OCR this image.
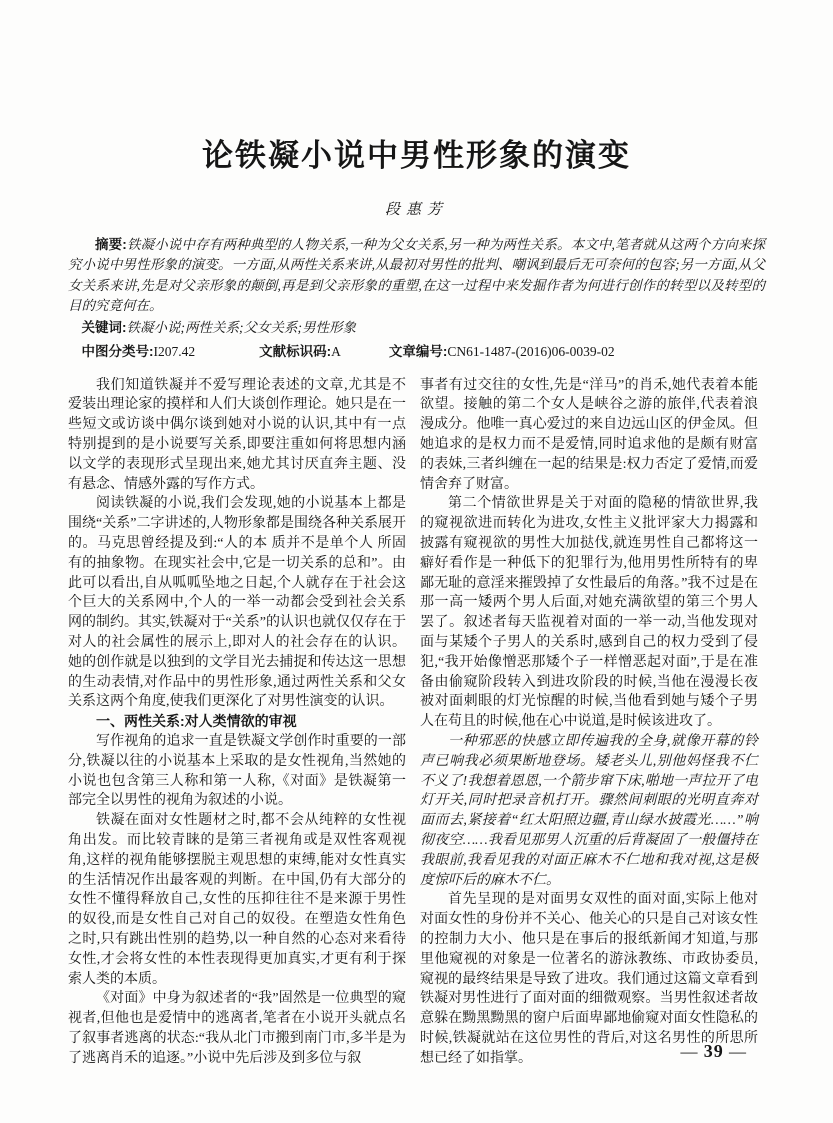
论铁凝小说中男性形象的演变
段惠芳

摘要:铁凝小说中存有两种典型的人物关系,一种为父女关系,另一种为两性关系。本文中,笔者就从这两个方向来探究小说中男性形象的演变。一方面,从两性关系来讲,从最初对男性的批判、嘲讽到最后无可奈何的包容;另一方面,从父女关系来讲,先是对父亲形象的颠倒,再是到父亲形象的重塑,在这一过程中来发掘作者为何进行创作的转型以及转型的目的究竟何在。

关键词:铁凝小说;两性关系;父女关系;男性形象

中图分类号:I207.42	文献标识码:A	文章编号:CN61-1487-(2016)06-0039-02

我们知道铁凝并不爱写理论表述的文章,尤其是不爱装出理论家的摸样和人们大谈创作理论。她只是在一些短文或访谈中偶尔谈到她对小说的认识,其中有一点特别提到的是小说要写关系,即要注重如何将思想内涵以文学的表现形式呈现出来,她尤其讨厌直奔主题、没有悬念、情感外露的写作方式。

阅读铁凝的小说,我们会发现,她的小说基本上都是围绕“关系”二字讲述的,人物形象都是围绕各种关系展开的。马克思曾经提及到:“人的本 质并不是单个人 所固有的抽象物。在现实社会中,它是一切关系的总和”。由此可以看出,自从呱呱坠地之日起,个人就存在于社会这个巨大的关系网中,个人的一举一动都会受到社会关系网的制约。其实,铁凝对于“关系”的认识也就仅仅存在于对人的社会属性的展示上,即对人的社会存在的认识。她的创作就是以独到的文学目光去捕捉和传达这一思想的生动表情,对作品中的男性形象,通过两性关系和父女关系这两个角度,使我们更深化了对男性演变的认识。

一、两性关系:对人类情欲的审视

写作视角的追求一直是铁凝文学创作时重要的一部分,铁凝以往的小说基本上采取的是女性视角,当然她的小说也包含第三人称和第一人称,《对面》是铁凝第一部完全以男性的视角为叙述的小说。

铁凝在面对女性题材之时,都不会从纯粹的女性视角出发。而比较青睐的是第三者视角或是双性客观视角,这样的视角能够摆脱主观思想的束缚,能对女性真实的生活情况作出最客观的判断。在中国,仍有大部分的女性不懂得释放自己,女性的压抑往往不是来源于男性的奴役,而是女性自己对自己的奴役。在塑造女性角色之时,只有跳出性别的趋势,以一种自然的心态对来看待女性,才会将女性的本性表现得更加真实,才更有利于探索人类的本质。

《对面》中身为叙述者的“我”固然是一位典型的窥视者,但他也是爱情中的逃离者,笔者在小说开头就点名了叙事者逃离的状态:“我从北门市搬到南门市,多半是为了逃离肖禾的追逐。”小说中先后涉及到多位与叙

事者有过交往的女性,先是“洋马”的肖禾,她代表着本能欲望。接触的第二个女人是峡谷之游的旅伴,代表着浪漫成分。他唯一真心爱过的来自边远山区的伊金凤。但她追求的是权力而不是爱情,同时追求他的是颇有财富的表妹,三者纠缠在一起的结果是:权力否定了爱情,而爱情舍弃了财富。

第二个情欲世界是关于对面的隐秘的情欲世界,我的窥视欲进而转化为进攻,女性主义批评家大力揭露和披露有窥视欲的男性大加挞伐,就连男性自己都将这一癖好看作是一种低下的犯罪行为,他用男性所特有的卑鄙无耻的意淫来摧毁掉了女性最后的角落。”我不过是在那一高一矮两个男人后面,对她充满欲望的第三个男人罢了。叙述者每天监视着对面的一举一动,当他发现对面与某矮个子男人的关系时,感到自己的权力受到了侵犯,“我开始像憎恶那矮个子一样憎恶起对面”,于是在准备由偷窥阶段转入到进攻阶段的时候,当他在漫漫长夜被对面刺眼的灯光惊醒的时候,当他看到她与矮个子男人在苟且的时候,他在心中说道,是时候该进攻了。

一种邪恶的快感立即传遍我的全身,就像开幕的铃声已响我必须果断地登场。矮老头儿,别他妈怪我不仁不义了!我想着恩恩,一个箭步窜下床,啪地一声拉开了电灯开关,同时把录音机打开。骤然间刺眼的光明直奔对面而去,紧接着“红太阳照边疆,青山绿水披霞光……”响彻夜空……我看见那男人沉重的后背凝固了一般僵持在我眼前,我看见我的对面正麻木不仁地和我对视,这是极度惊吓后的麻木不仁。

首先呈现的是对面男女双性的面对面,实际上他对对面女性的身份并不关心、他关心的只是自己对该女性的控制力大小、他只是在事后的报纸新闻才知道,与那里他窥视的对象是一位著名的游泳教练、市政协委员,窥视的最终结果是导致了进攻。我们通过这篇文章看到铁凝对男性进行了面对面的细微观察。当男性叙述者故意躲在黝黑黝黑的窗户后面卑鄙地偷窥对面女性隐私的时候,铁凝就站在这位男性的背后,对这名男性的所思所想已经了如指掌。	— 39 —
